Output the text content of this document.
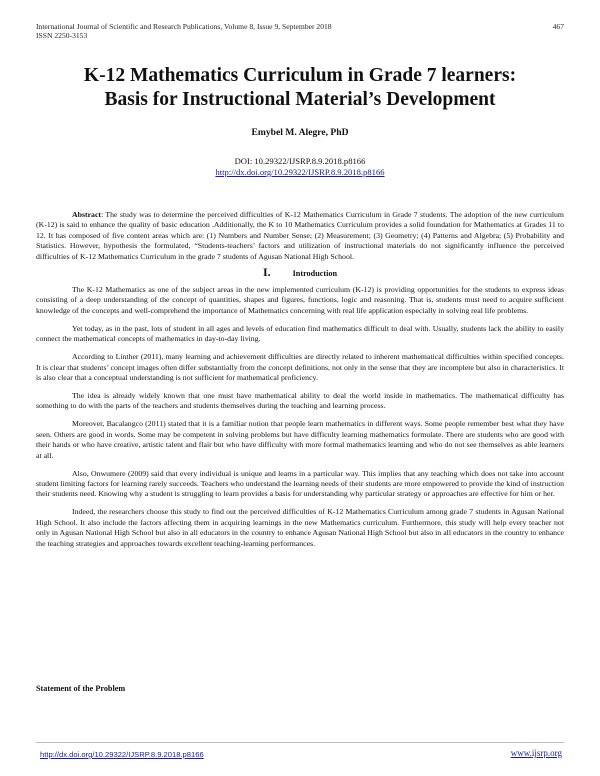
International Journal of Scientific and Research Publications, Volume 8, Issue 9, September 2018
ISSN 2250-3153
467
K-12 Mathematics Curriculum in Grade 7 learners:
Basis for Instructional Material’s Development
Emybel M. Alegre, PhD
DOI: 10.29322/IJSRP.8.9.2018.p8166
http://dx.doi.org/10.29322/IJSRP.8.9.2018.p8166
Abstract: The study was to determine the perceived difficulties of K-12 Mathematics Curriculum in Grade 7 students. The adoption of the new curriculum (K-12) is said to enhance the quality of basic education .Additionally, the K to 10 Mathematics Curriculum provides a solid foundation for Mathematics at Grades 11 to 12. It has composed of five content areas which are: (1) Numbers and Number Sense; (2) Measurement; (3) Geometry; (4) Patterns and Algebra; (5) Probability and Statistics. However, hypothesis the formulated, “Students-teachers’ factors and utilization of instructional materials do not significantly influence the perceived difficulties of K-12 Mathematics Curriculum in the grade 7 students of Agusan National High School.
I.	Introduction

The K-12 Mathematics as one of the subject areas in the new implemented curriculum (K-12) is providing opportunities for the students to express ideas consisting of a deep understanding of the concept of quantities, shapes and figures, functions, logic and reasoning. That is, students must need to acquire sufficient knowledge of the concepts and well-comprehend the importance of Mathematics concerning with real life application especially in solving real life problems.

Yet today, as in the past, lots of student in all ages and levels of education find mathematics difficult to deal with. Usually, students lack the ability to easily connect the mathematical concepts of mathematics in day-to-day living.

According to Linther (2011), many learning and achievement difficulties are directly related to inherent mathematical difficulties within specified concepts. It is clear that students’ concept images often differ substantially from the concept definitions, not only in the sense that they are incomplete but also in characteristics. It is also clear that a conceptual understanding is not sufficient for mathematical proficiency.

The idea is already widely known that one must have mathematical ability to deal the world inside in mathematics. The mathematical difficulty has something to do with the parts of the teachers and students themselves during the teaching and learning process.

Moreover, Bacalangco (2011) stated that it is a familiar notion that people learn mathematics in different ways. Some people remember best what they have seen. Others are good in words. Some may be competent in solving problems but have difficulty learning mathematics formulate. There are students who are good with their hands or who have creative, artistic talent and flair but who have difficulty with more formal mathematics learning and who do not see themselves as able learners at all.

Also, Onwumere (2009) said that every individual is unique and learns in a particular way. This implies that any teaching which does not take into account student limiting factors for learning rarely succeeds. Teachers who understand the learning needs of their students are more empowered to provide the kind of instruction their students need. Knowing why a student is struggling to learn provides a basis for understanding why particular strategy or approaches are effective for him or her.

Indeed, the researchers choose this study to find out the perceived difficulties of K-12 Mathematics Curriculum among grade 7 students in Agusan National High School. It also include the factors affecting them in acquiring learnings in the new Mathematics curriculum. Furthermore, this study will help every teacher not only in Agusan National High School but also in all educators in the country to enhance Agusan National High School but also in all educators in the country to enhance the teaching strategies and approaches towards excellent teaching-learning performances.

Statement of the Problem
http://dx.doi.org/10.29322/IJSRP.8.9.2018.p8166	www.ijsrp.org
